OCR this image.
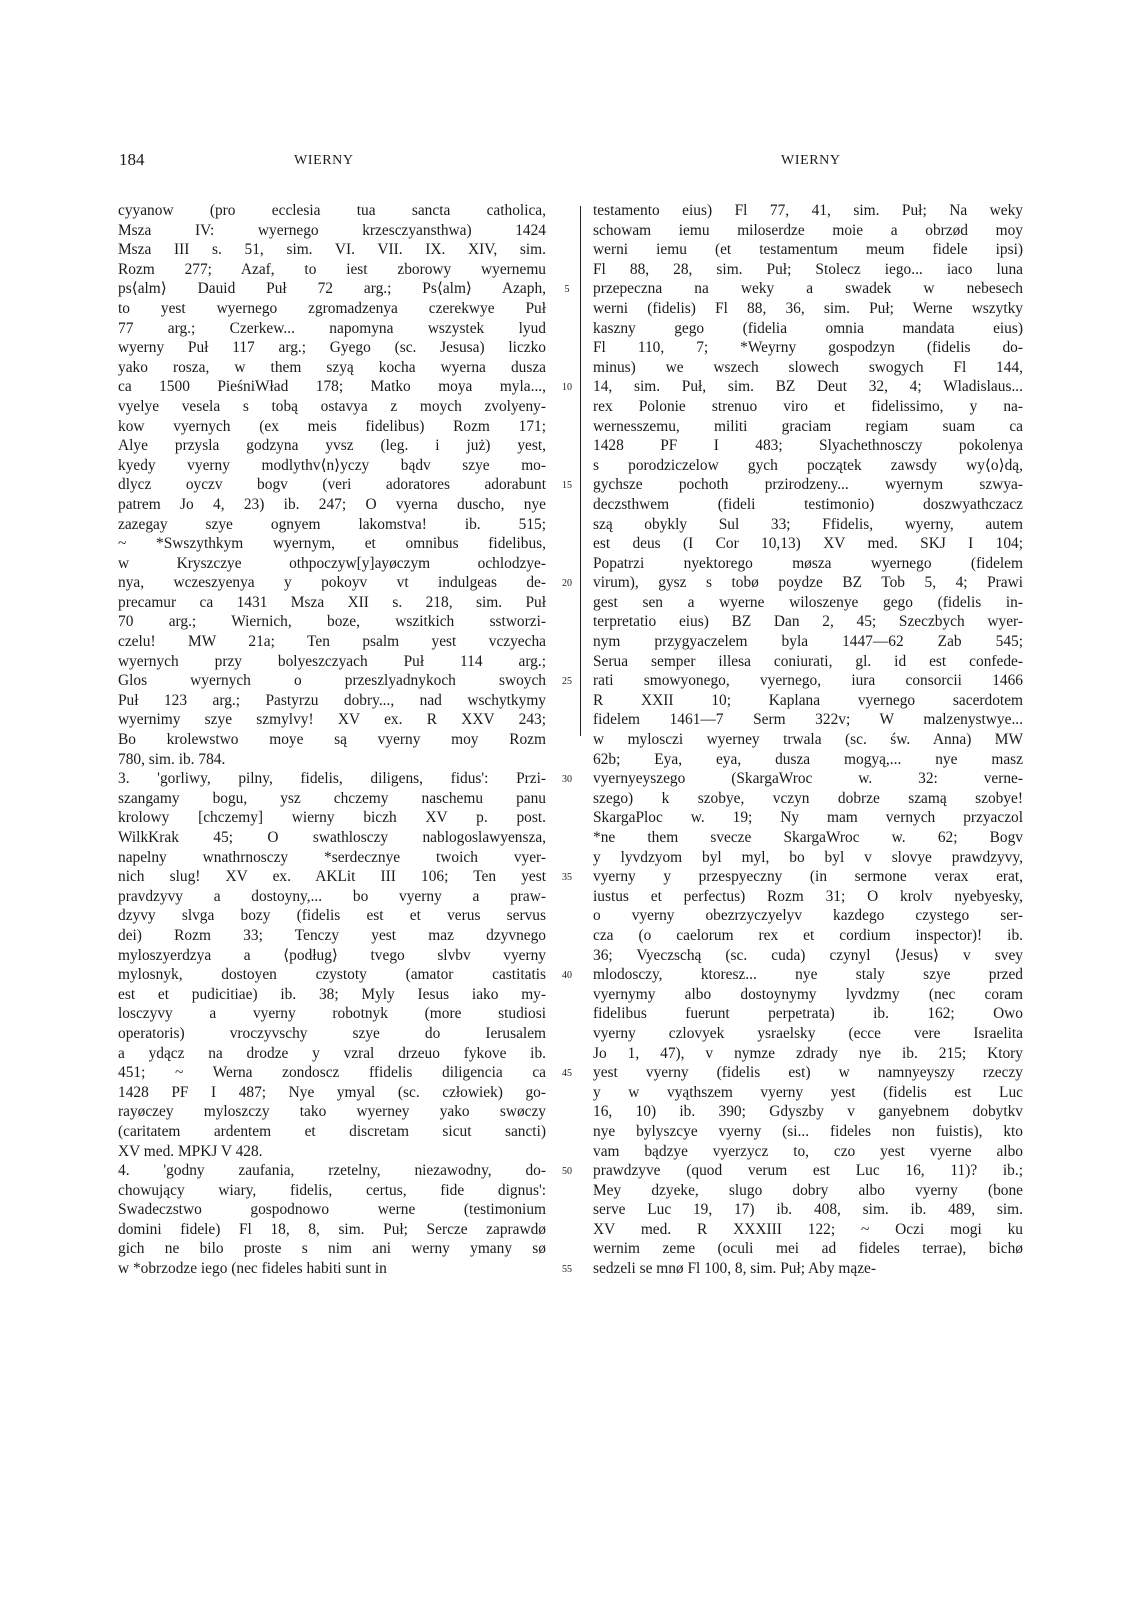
184	WIERNY	WIERNY
cyyanow (pro ecclesia tua sancta catholica,
Msza IV: wyernego krzesczyansthwa) 1424
Msza III s. 51, sim. VI. VII. IX. XIV, sim.
Rozm 277; Azaf, to iest zborowy wyernemu
ps⟨alm⟩ Dauid Puł 72 arg.; Ps⟨alm⟩ Azaph,
to yest wyernego zgromadzenya czerekwye Puł
77 arg.; Czerkew... napomyna wszystek lyud
wyerny Puł 117 arg.; Gyego (sc. Jesusa) liczko
yako rosza, w them szyą kocha wyerna dusza
ca 1500 PieśniWład 178; Matko moya myla...,
vyelye vesela s tobą ostavya z moych zvolyeny-
kow vyernych (ex meis fidelibus) Rozm 171;
Alye przysla godzyna yvsz (leg. i już) yest,
kyedy vyerny modlythv⟨n⟩yczy bądv szye mo-
dlycz oyczv bogv (veri adoratores adorabunt
patrem Jo 4, 23) ib. 247; O vyerna duscho, nye
zazegay szye ognyem lakomstva! ib. 515;
~ *Swszythkym wyernym, et omnibus fidelibus,
w Kryszczye othpoczyw[y]ayøczym ochlodzye-
nya, wczeszyenya y pokoyv vt indulgeas de-
precamur ca 1431 Msza XII s. 218, sim. Puł
70 arg.; Wiernich, boze, wszitkich sstworzi-
czelu! MW 21a; Ten psalm yest vczyecha
wyernych przy bolyeszczyach Puł 114 arg.;
Glos wyernych o przeszlyadnykoch swoych
Puł 123 arg.; Pastyrzu dobry..., nad wschytkymy
wyernimy szye szmylvy! XV ex. R XXV 243;
Bo krolewstwo moye są vyerny moy Rozm
780, sim. ib. 784.
3. 'gorliwy, pilny, fidelis, diligens, fidus': Przi-
szangamy bogu, ysz chczemy naschemu panu
krolowy [chczemy] wierny biczh XV p. post.
WilkKrak 45; O swathlosczy nablogoslawyensza,
napelny wnathrnosczy *serdecznye twoich vyer-
nich slug! XV ex. AKLit III 106; Ten yest
pravdzyvy a dostoyny,... bo vyerny a praw-
dzyvy slvga bozy (fidelis est et verus servus
dei) Rozm 33; Tenczy yest maz dzyvnego
myloszyerdzya a ⟨podług⟩ tvego slvbv vyerny
mylosnyk, dostoyen czystoty (amator castitatis
est et pudicitiae) ib. 38; Myly Iesus iako my-
losczyvy a vyerny robotnyk (more studiosi
operatoris) vroczyvschy szye do Ierusalem
a ydącz na drodze y vzral drzeuo fykove ib.
451; ~ Werna zondoscz ffidelis diligencia ca
1428 PF I 487; Nye ymyal (sc. człowiek) go-
rayøczey myloszczy tako wyerney yako swøczy
(caritatem ardentem et discretam sicut sancti)
XV med. MPKJ V 428.
4. 'godny zaufania, rzetelny, niezawodny, do-
chowujący wiary, fidelis, certus, fide dignus':
Swadeczstwo gospodnowo werne (testimonium
domini fidele) Fl 18, 8, sim. Puł; Sercze zaprawdø
gich ne bilo proste s nim ani werny ymany sø
w *obrzodze iego (nec fideles habiti sunt in
5
10
15
20
25
30
35
40
45
50
55
testamento eius) Fl 77, 41, sim. Puł; Na weky
schowam iemu miloserdze moie a obrzød moy
werni iemu (et testamentum meum fidele ipsi)
Fl 88, 28, sim. Puł; Stolecz iego... iaco luna
przepeczna na weky a swadek w nebesech
werni (fidelis) Fl 88, 36, sim. Puł; Werne wszytky
kaszny gego (fidelia omnia mandata eius)
Fl 110, 7; *Weyrny gospodzyn (fidelis do-
minus) we wszech slowech swogych Fl 144,
14, sim. Puł, sim. BZ Deut 32, 4; Wladislaus...
rex Polonie strenuo viro et fidelissimo, y na-
wernesszemu, militi graciam regiam suam ca
1428 PF I 483; Slyachethnosczy pokolenya
s porodziczelow gych początek zawsdy wy⟨o⟩dą,
gychsze pochoth przirodzeny... wyernym szwya-
deczsthwem (fideli testimonio) doszwyathczacz
szą obykly Sul 33; Ffidelis, wyerny, autem
est deus (I Cor 10,13) XV med. SKJ I 104;
Popatrzi nyektorego møsza wyernego (fidelem
virum), gysz s tobø poydze BZ Tob 5, 4; Prawi
gest sen a wyerne wiloszenye gego (fidelis in-
terpretatio eius) BZ Dan 2, 45; Szeczbych wyer-
nym przygyaczelem byla 1447—62 Zab 545;
Serua semper illesa coniurati, gl. id est confede-
rati smowyonego, vyernego, iura consorcii 1466
R XXII 10; Kaplana vyernego sacerdotem
fidelem 1461—7 Serm 322v; W malzenystwye...
w mylosczi wyerney trwala (sc. św. Anna) MW
62b; Eya, eya, dusza mogyą,... nye masz
vyernyeyszego (SkargaWroc w. 32: verne-
szego) k szobye, vczyn dobrze szamą szobye!
SkargaPloc w. 19; Ny mam vernych przyaczol
*ne them svecze SkargaWroc w. 62; Bogv
y lyvdzyom byl myl, bo byl v slovye prawdzyvy,
vyerny y przespyeczny (in sermone verax erat,
iustus et perfectus) Rozm 31; O krolv nyebyesky,
o vyerny obezrzyczyelyv kazdego czystego ser-
cza (o caelorum rex et cordium inspector)! ib.
36; Vyeczschą (sc. cuda) czynyl ⟨Jesus⟩ v svey
mlodosczy, ktoresz... nye staly szye przed
vyernymy albo dostoynymy lyvdzmy (nec coram
fidelibus fuerunt perpetrata) ib. 162; Owo
vyerny czlovyek ysraelsky (ecce vere Israelita
Jo 1, 47), v nymze zdrady nye ib. 215; Ktory
yest vyerny (fidelis est) w namnyeyszy rzeczy
y w vyąthszem vyerny yest (fidelis est Luc
16, 10) ib. 390; Gdyszby v ganyebnem dobytkv
nye bylyszcye vyerny (si... fideles non fuistis), kto
vam bądzye vyerzycz to, czo yest vyerne albo
prawdzyve (quod verum est Luc 16, 11)? ib.;
Mey dzyeke, slugo dobry albo vyerny (bone
serve Luc 19, 17) ib. 408, sim. ib. 489, sim.
XV med. R XXXIII 122; ~ Oczi mogi ku
wernim zeme (oculi mei ad fideles terrae), bichø
sedzeli se mnø Fl 100, 8, sim. Puł; Aby mąze-
